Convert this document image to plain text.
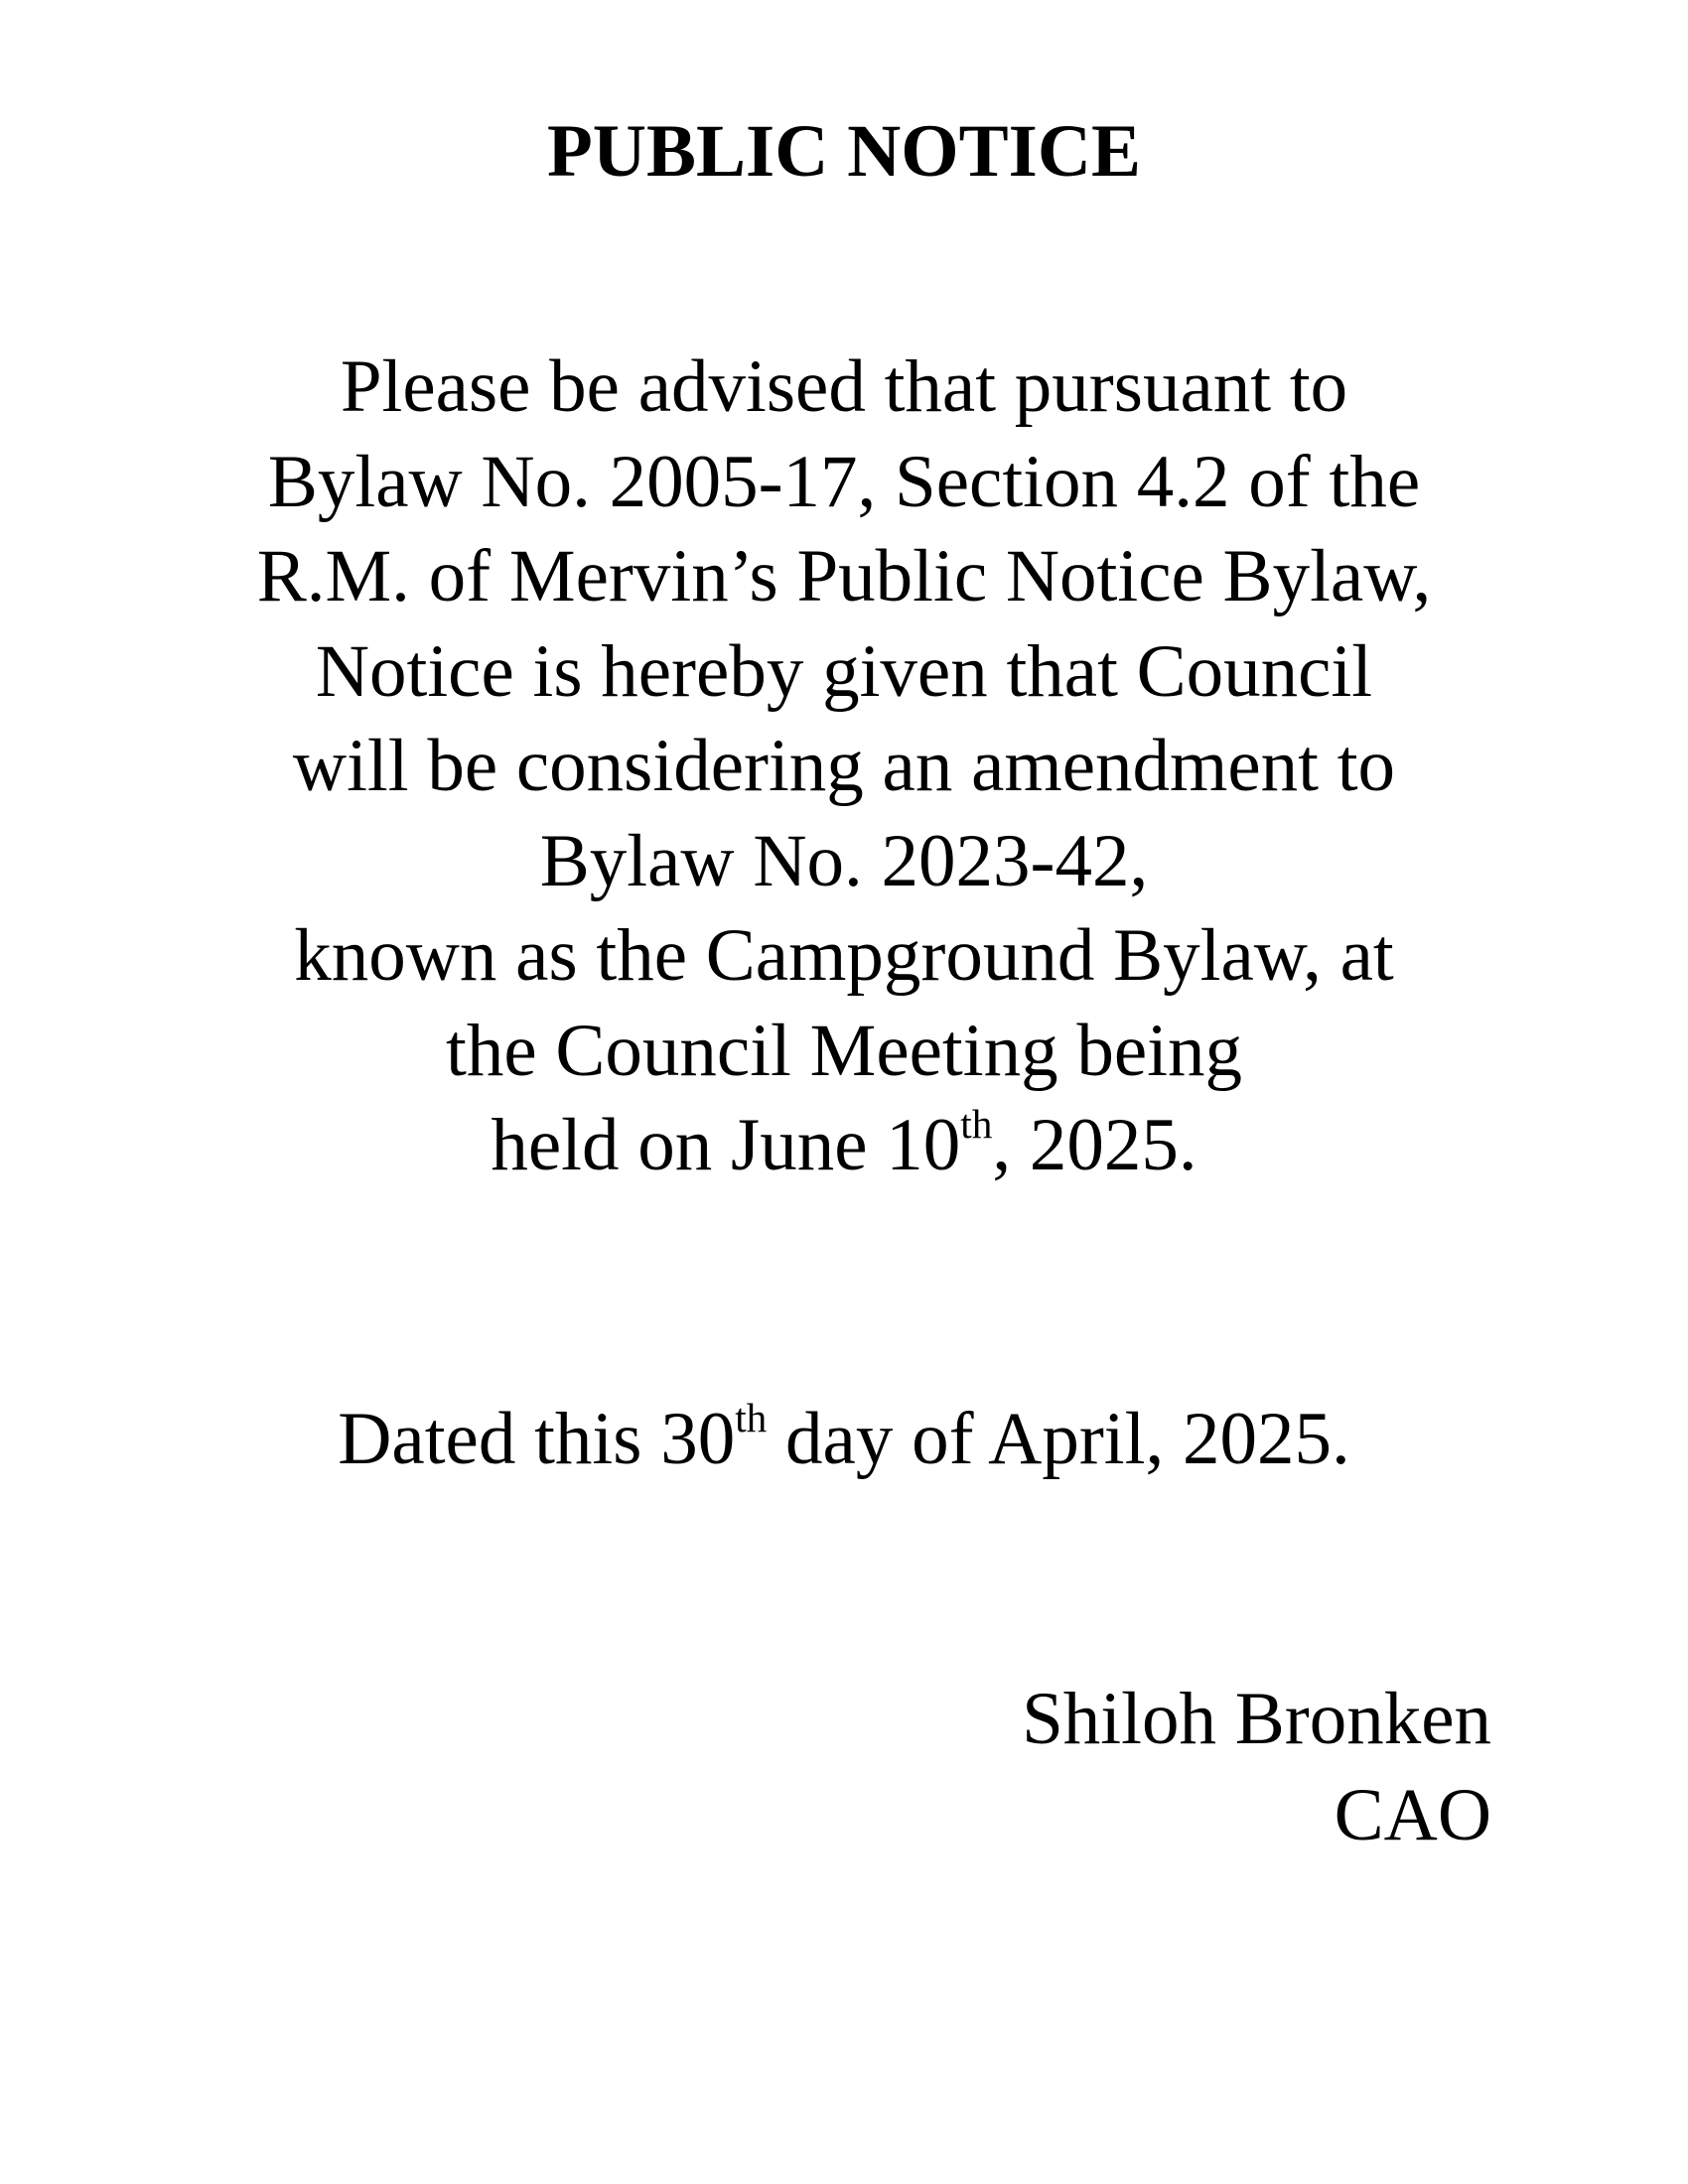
PUBLIC NOTICE
Please be advised that pursuant to
Bylaw No. 2005-17, Section 4.2 of the
R.M. of Mervin’s Public Notice Bylaw,
Notice is hereby given that Council
will be considering an amendment to
Bylaw No. 2023-42,
known as the Campground Bylaw, at
the Council Meeting being
held on June 10th, 2025.
Dated this 30th day of April, 2025.
Shiloh Bronken
CAO
